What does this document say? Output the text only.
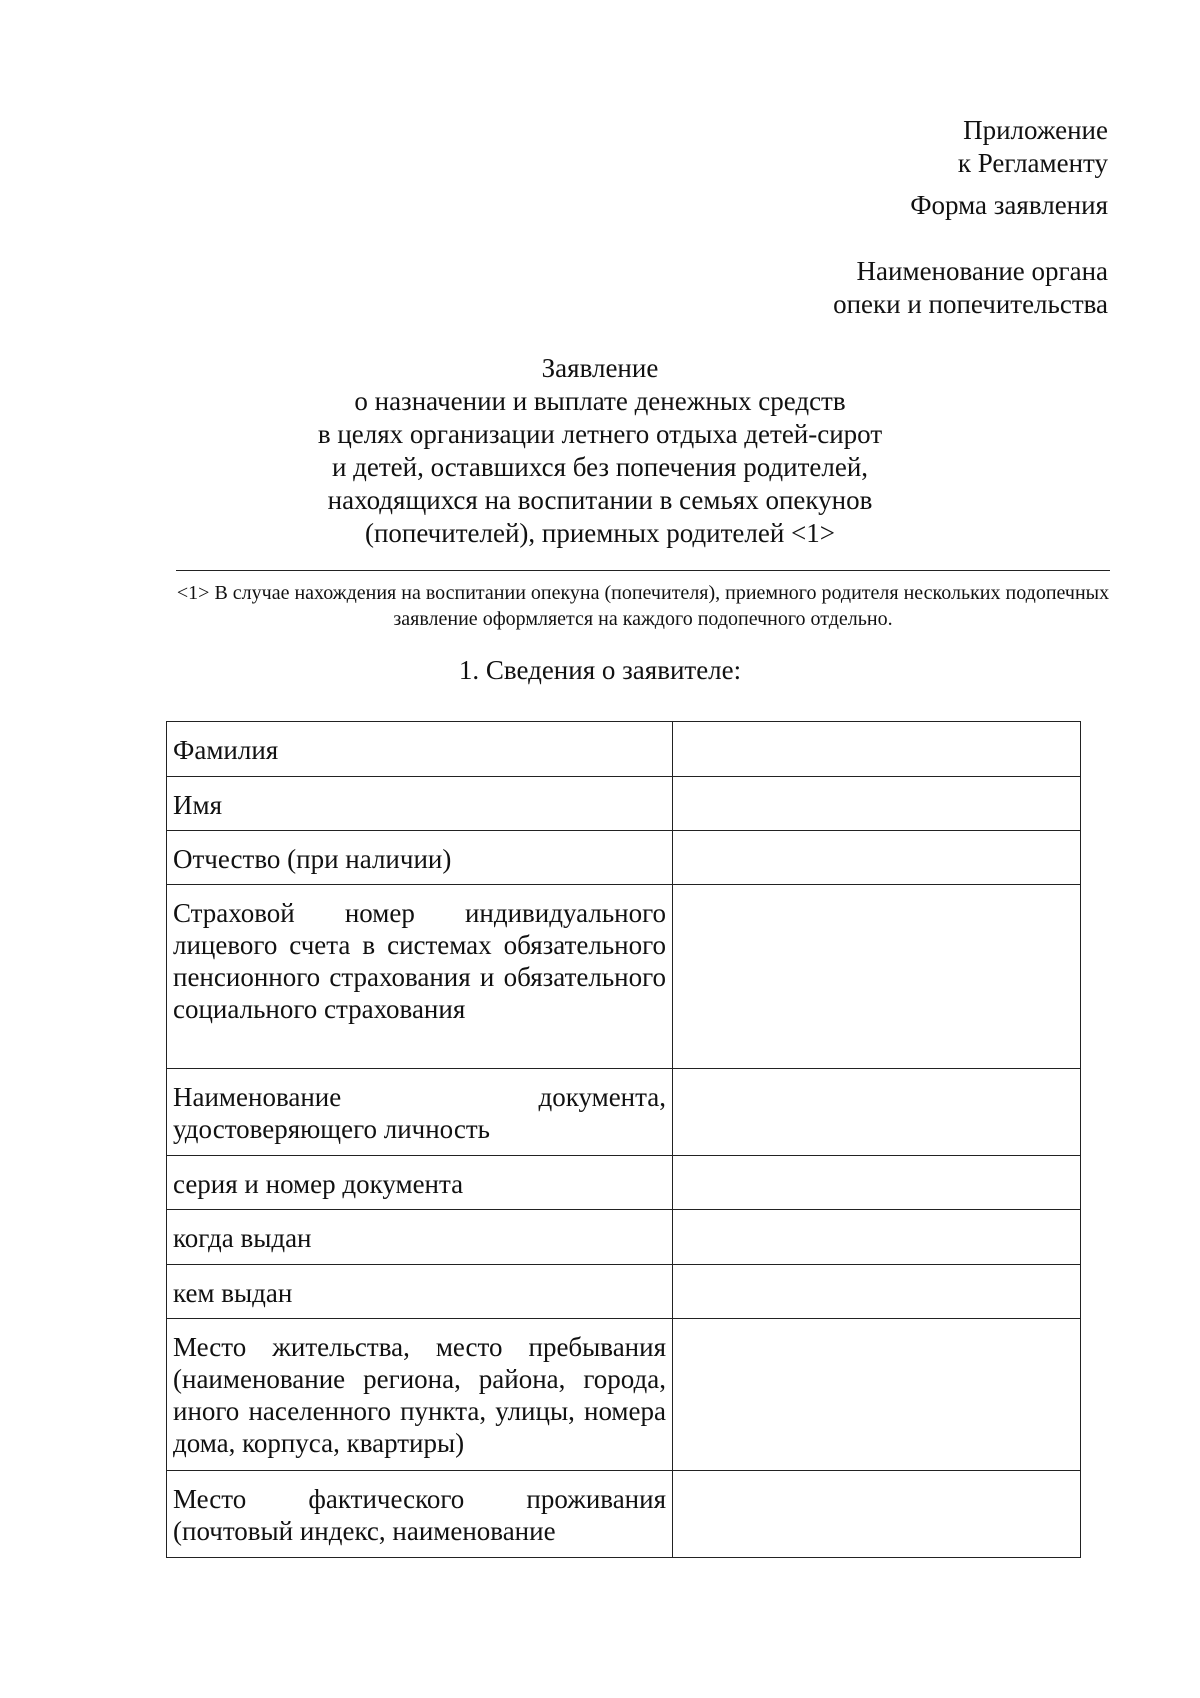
Приложение
к Регламенту
Форма заявления
Наименование органа
опеки и попечительства
Заявление
о назначении и выплате денежных средств
в целях организации летнего отдыха детей-сирот
и детей, оставшихся без попечения родителей,
находящихся на воспитании в семьях опекунов
(попечителей), приемных родителей <1>
<1> В случае нахождения на воспитании опекуна (попечителя), приемного родителя нескольких подопечных заявление оформляется на каждого подопечного отдельно.
1. Сведения о заявителе:
Фамилия	
Имя	
Отчество (при наличии)	
Страховой номер индивидуального лицевого счета в системах обязательного пенсионного страхования и обязательного социального страхования	
Наименование документа, удостоверяющего личность	
серия и номер документа	
когда выдан	
кем выдан	
Место жительства, место пребывания (наименование региона, района, города, иного населенного пункта, улицы, номера дома, корпуса, квартиры)	

Место фактического проживания (почтовый индекс, наименование	
